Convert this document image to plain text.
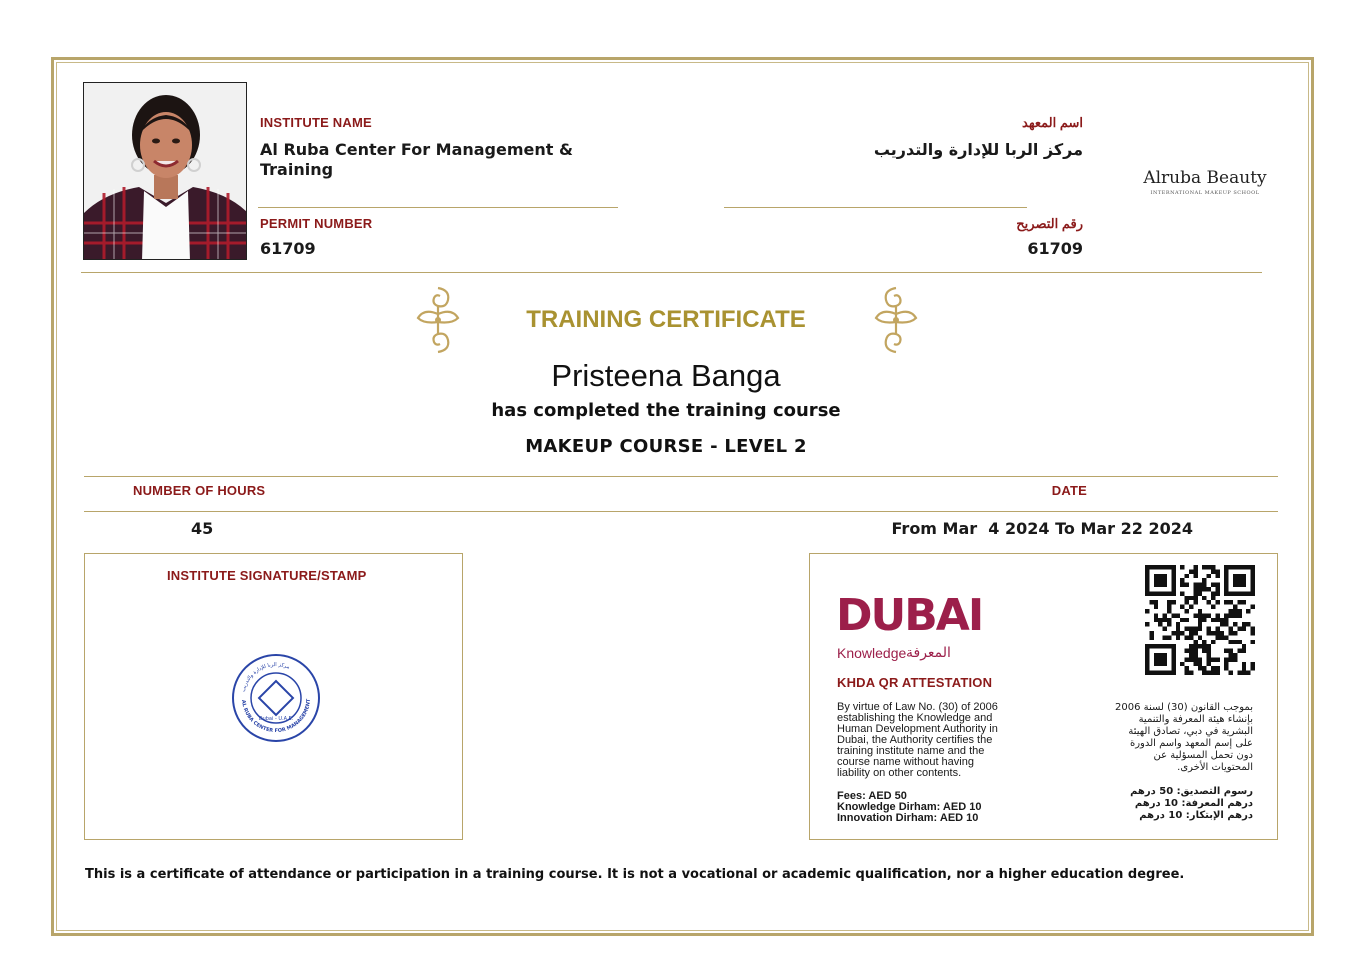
INSTITUTE NAME
Al Ruba Center For Management & Training
PERMIT NUMBER
61709
اسم المعهد
مركز الربا للإدارة والتدريب
رقم التصريح
61709
Alruba Beauty
INTERNATIONAL MAKEUP SCHOOL
TRAINING CERTIFICATE
Pristeena Banga
has completed the training course
MAKEUP COURSE - LEVEL 2
NUMBER OF HOURS	DATE
45	From Mar  4 2024 To Mar 22 2024
INSTITUTE SIGNATURE/STAMP
مركز الربا للإدارة والتدريب
AL RUBA CENTER FOR MANAGEMENT
Dubai - U.A.E.
DUBAI
Knowledge المعرفة
KHDA QR ATTESTATION
By virtue of Law No. (30) of 2006
establishing the Knowledge and
Human Development Authority in
Dubai, the Authority certifies the
training institute name and the
course name without having
liability on other contents.
Fees: AED 50
Knowledge Dirham: AED 10
Innovation Dirham: AED 10
بموجب القانون (30) لسنة 2006
بإنشاء هيئة المعرفة والتنمية
البشرية في دبي، تصادق الهيئة
على إسم المعهد واسم الدورة
دون تحمل المسؤلية عن
المحتويات الأخرى.
رسوم التصديق: 50 درهم
درهم المعرفة: 10 درهم
درهم الإبتكار: 10 درهم
This is a certificate of attendance or participation in a training course. It is not a vocational or academic qualification, nor a higher education degree.
